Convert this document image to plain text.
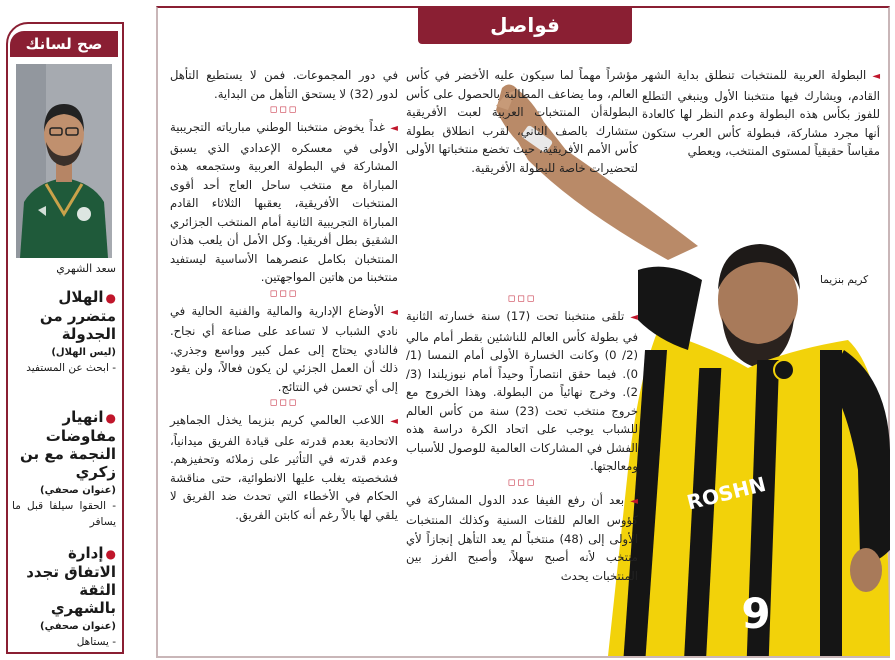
صح لسانك
سعد الشهري
●الهلال متضرر من الجدولة
(ليس الهلال)
- ابحث عن المستفيد
●انهيار مفاوضات النجمة مع بن زكري
(عنوان صحفي)
- الحقوا سيلفا قبل ما يسافر
●إدارة الاتفاق تجدد الثقة بالشهري
(عنوان صحفي)
- يستاهل
فواصل
ROSHN
9
كريم بنزيما

◄ البطولة العربية للمنتخبات تنطلق بداية الشهر القادم، ويشارك فيها منتخبنا الأول وينبغي التطلع للفوز بكأس هذه البطولة وعدم النظر لها كالعادة أنها مجرد مشاركة، فبطولة كأس العرب ستكون مقياساً حقيقياً لمستوى المنتخب، ويعطي

مؤشراً مهماً لما سيكون عليه الأخضر في كأس العالم، وما يضاعف المطالبة بالحصول على كأس البطولةأن المنتخبات العربية لعبت الأفريقية ستشارك بالصف الثاني، لقرب انطلاق بطولة كأس الأمم الأفريقية، حيث تخضع منتخباتها الأولى لتحضيرات خاصة للبطولة الأفريقية.

◻◻◻

◄ تلقى منتخبنا تحت (17) سنة خسارته الثانية في بطولة كأس العالم للناشئين بقطر أمام مالي (2/ 0) وكانت الخسارة الأولى أمام النمسا (1/ 0). فيما حقق انتصاراً وحيداً أمام نيوزيلندا (3/ 2). وخرج نهائياً من البطولة. وهذا الخروج مع خروج منتخب تحت (23) سنة من كأس العالم للشباب يوجب على اتحاد الكرة دراسة هذه الفشل في المشاركات العالمية للوصول للأسباب ومعالجتها.

◻◻◻

◄ بعد أن رفع الفيفا عدد الدول المشاركة في كؤوس العالم للفئات السنية وكذلك المنتخبات الأولى إلى (48) منتخباً لم يعد التأهل إنجازاً لأي منتخب لأنه أصبح سهلاً، وأصبح الفرز بين المنتخبات يحدث

في دور المجموعات. فمن لا يستطيع التأهل لدور (32) لا يستحق التأهل من البداية.

◻◻◻

◄ غداً يخوض منتخبنا الوطني مبارياته التجريبية الأولى في معسكره الإعدادي الذي يسبق المشاركة في البطولة العربية وستجمعه هذه المباراة مع منتخب ساحل العاج أحد أقوى المنتخبات الأفريقية، يعقبها الثلاثاء القادم المباراة التجريبية الثانية أمام المنتخب الجزائري الشقيق بطل أفريقيا. وكل الأمل أن يلعب هذان المنتخبان بكامل عنصرهما الأساسية ليستفيد منتخبنا من هاتين المواجهتين.

◻◻◻

◄ الأوضاع الإدارية والمالية والفنية الحالية في نادي الشباب لا تساعد على صناعة أي نجاح. فالنادي يحتاج إلى عمل كبير وواسع وجذري. ذلك أن العمل الجزئي لن يكون فعالاً، ولن يقود إلى أي تحسن في النتائج.

◻◻◻

◄ اللاعب العالمي كريم بنزيما يخذل الجماهير الاتحادية بعدم قدرته على قيادة الفريق ميدانياً، وعدم قدرته في التأثير على زملائه وتحفيزهم. فشخصيته يغلب عليها الانطوائية، حتى مناقشة الحكام في الأخطاء التي تحدث ضد الفريق لا يلقي لها بالاً رغم أنه كابتن الفريق.
